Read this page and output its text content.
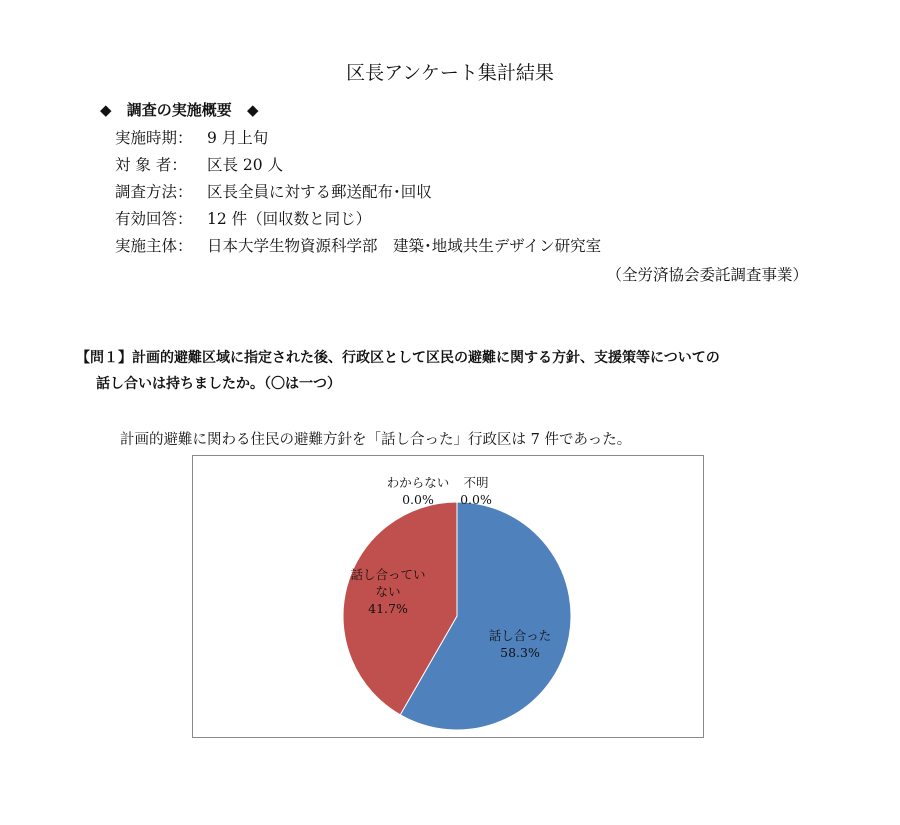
区長アンケート集計結果
◆ 調査の実施概要 ◆
実施時期： 9 月上旬
対 象 者： 区長 20 人
調査方法： 区長全員に対する郵送配布･回収
有効回答： 12 件（回収数と同じ）
実施主体： 日本大学生物資源科学部　建築･地域共生デザイン研究室
（全労済協会委託調査事業）
【問１】計画的避難区域に指定された後、行政区として区民の避難に関する方針、支援策等についての
話し合いは持ちましたか。（〇は一つ）
計画的避難に関わる住民の避難方針を「話し合った」行政区は 7 件であった。
話し合った
58.3%
話し合ってい
ない
41.7%
わからない
0.0%
不明
0.0%
